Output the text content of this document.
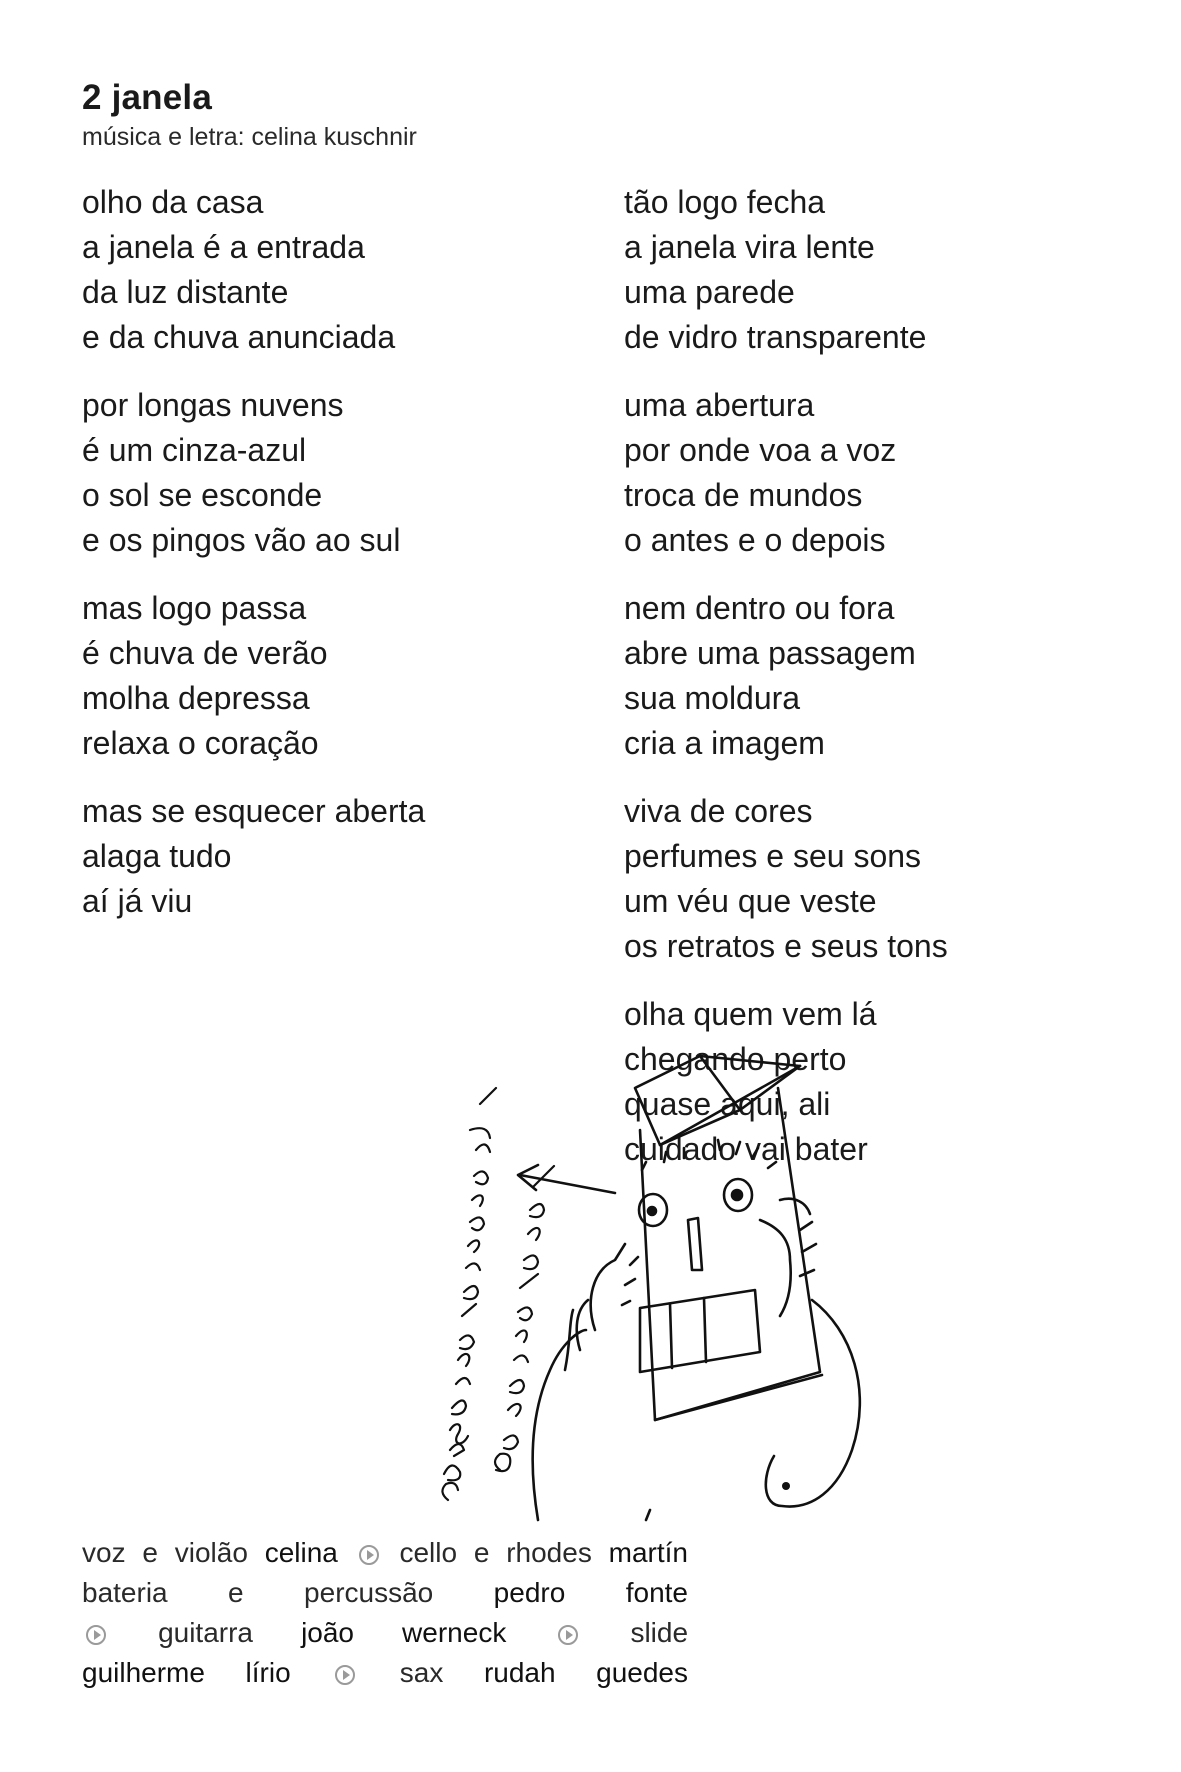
2 janela
música e letra: celina kuschnir
olho da casa
a janela é a entrada
da luz distante
e da chuva anunciada
por longas nuvens
é um cinza-azul
o sol se esconde
e os pingos vão ao sul
mas logo passa
é chuva de verão
molha depressa
relaxa o coração
mas se esquecer aberta
alaga tudo
aí já viu
tão logo fecha
a janela vira lente
uma parede
de vidro transparente
uma abertura
por onde voa a voz
troca de mundos
o antes e o depois
nem dentro ou fora
abre uma passagem
sua moldura
cria a imagem
viva de cores
perfumes e seu sons
um véu que veste
os retratos e seus tons
olha quem vem lá
chegando perto
quase aqui, ali
cuidado vai bater
voz e violão celina cello e rhodes martín
bateria e percussão pedro fonte
guitarra joão werneck	slide
guilherme lírio	sax rudah guedes
